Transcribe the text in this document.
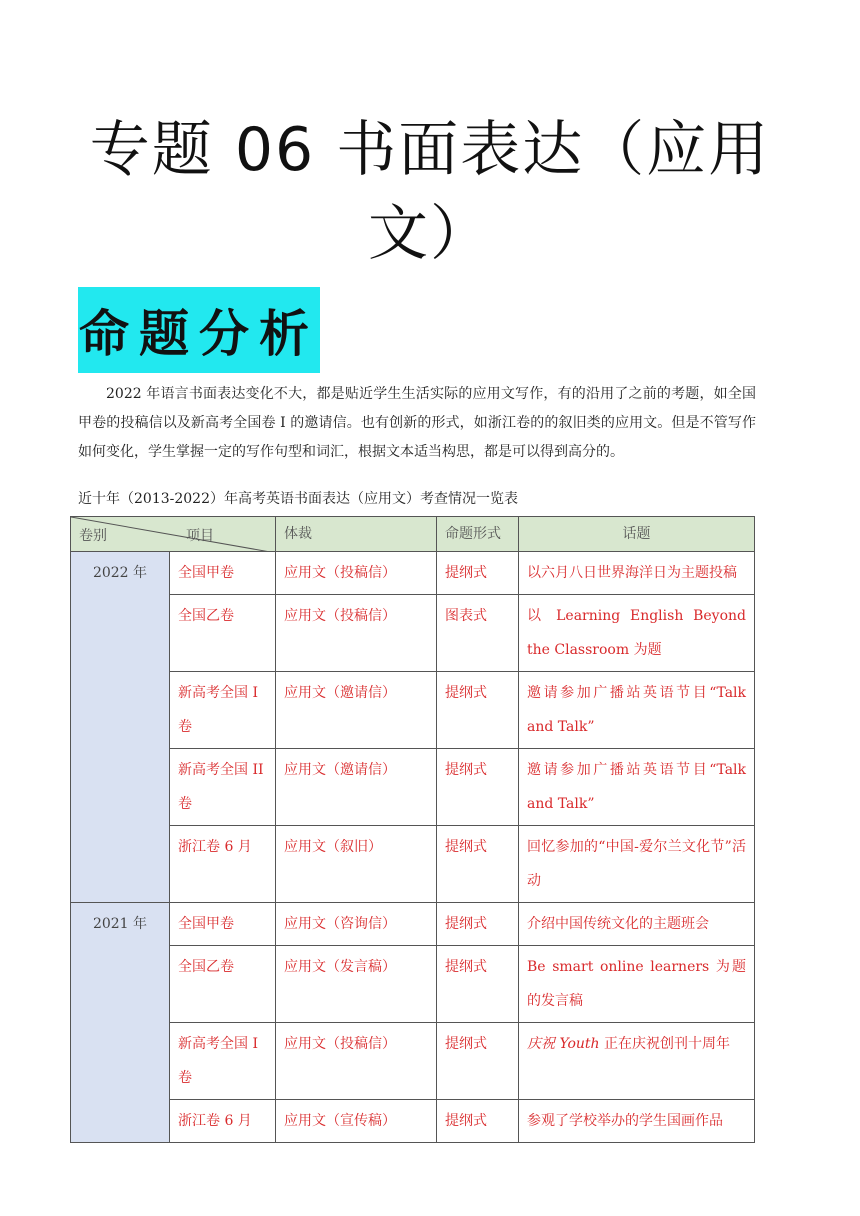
专题 06 书面表达（应用文）
命题分析

2022 年语言书面表达变化不大，都是贴近学生生活实际的应用文写作，有的沿用了之前的考题，如全国甲卷的投稿信以及新高考全国卷 I 的邀请信。也有创新的形式，如浙江卷的的叙旧类的应用文。但是不管写作如何变化，学生掌握一定的写作句型和词汇，根据文本适当构思，都是可以得到高分的。

近十年（2013-2022）年高考英语书面表达（应用文）考查情况一览表
卷别 项目		体裁	命题形式	话题
2022 年	全国甲卷	应用文（投稿信）	提纲式	以六月八日世界海洋日为主题投稿
	全国乙卷	应用文（投稿信）	图表式	以 Learning English Beyond the Classroom 为题
	新高考全国 I 卷	应用文（邀请信）	提纲式	邀请参加广播站英语节目“Talk and Talk”
	新高考全国 II 卷	应用文（邀请信）	提纲式	邀请参加广播站英语节目“Talk and Talk”
	浙江卷 6 月	应用文（叙旧）	提纲式	回忆参加的“中国-爱尔兰文化节”活动
2021 年	全国甲卷	应用文（咨询信）	提纲式	介绍中国传统文化的主题班会
	全国乙卷	应用文（发言稿）	提纲式	Be smart online learners 为题的发言稿
	新高考全国 I 卷	应用文（投稿信）	提纲式	庆祝 Youth 正在庆祝创刊十周年
	浙江卷 6 月	应用文（宣传稿）	提纲式	参观了学校举办的学生国画作品
